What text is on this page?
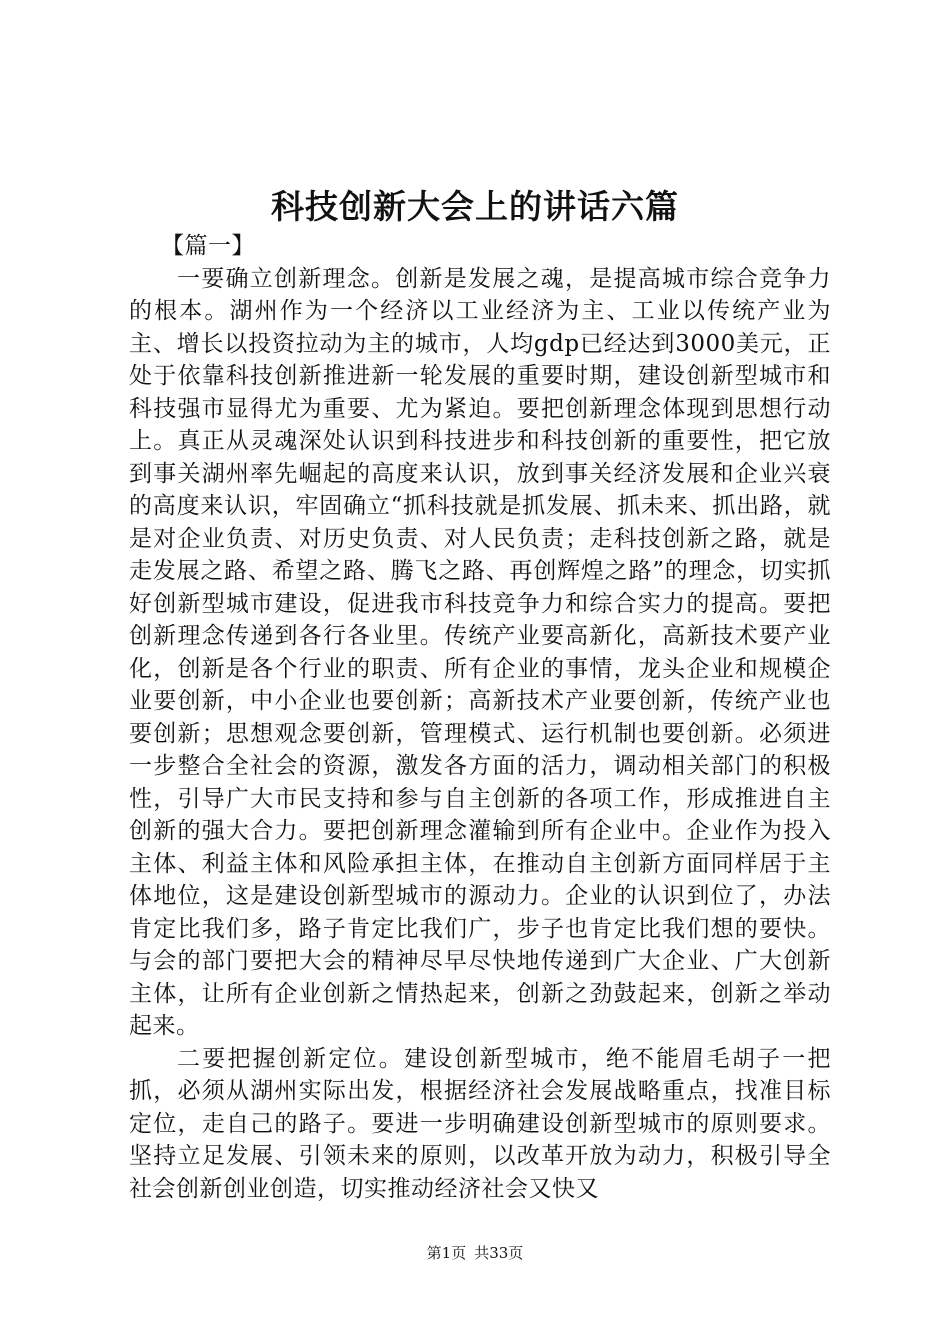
科技创新大会上的讲话六篇

【篇一】

一要确立创新理念。创新是发展之魂，是提高城市综合竞争力的根本。湖州作为一个经济以工业经济为主、工业以传统产业为主、增长以投资拉动为主的城市，人均gdp已经达到3000美元，正处于依靠科技创新推进新一轮发展的重要时期，建设创新型城市和科技强市显得尤为重要、尤为紧迫。要把创新理念体现到思想行动上。真正从灵魂深处认识到科技进步和科技创新的重要性，把它放到事关湖州率先崛起的高度来认识，放到事关经济发展和企业兴衰的高度来认识，牢固确立“抓科技就是抓发展、抓未来、抓出路，就是对企业负责、对历史负责、对人民负责；走科技创新之路，就是走发展之路、希望之路、腾飞之路、再创辉煌之路”的理念，切实抓好创新型城市建设，促进我市科技竞争力和综合实力的提高。要把创新理念传递到各行各业里。传统产业要高新化，高新技术要产业化，创新是各个行业的职责、所有企业的事情，龙头企业和规模企业要创新，中小企业也要创新；高新技术产业要创新，传统产业也要创新；思想观念要创新，管理模式、运行机制也要创新。必须进一步整合全社会的资源，激发各方面的活力，调动相关部门的积极性，引导广大市民支持和参与自主创新的各项工作，形成推进自主创新的强大合力。要把创新理念灌输到所有企业中。企业作为投入主体、利益主体和风险承担主体，在推动自主创新方面同样居于主体地位，这是建设创新型城市的源动力。企业的认识到位了，办法肯定比我们多，路子肯定比我们广，步子也肯定比我们想的要快。与会的部门要把大会的精神尽早尽快地传递到广大企业、广大创新主体，让所有企业创新之情热起来，创新之劲鼓起来，创新之举动起来。

二要把握创新定位。建设创新型城市，绝不能眉毛胡子一把抓，必须从湖州实际出发，根据经济社会发展战略重点，找准目标定位，走自己的路子。要进一步明确建设创新型城市的原则要求。坚持立足发展、引领未来的原则，以改革开放为动力，积极引导全社会创新创业创造，切实推动经济社会又快又

第1页 共33页
